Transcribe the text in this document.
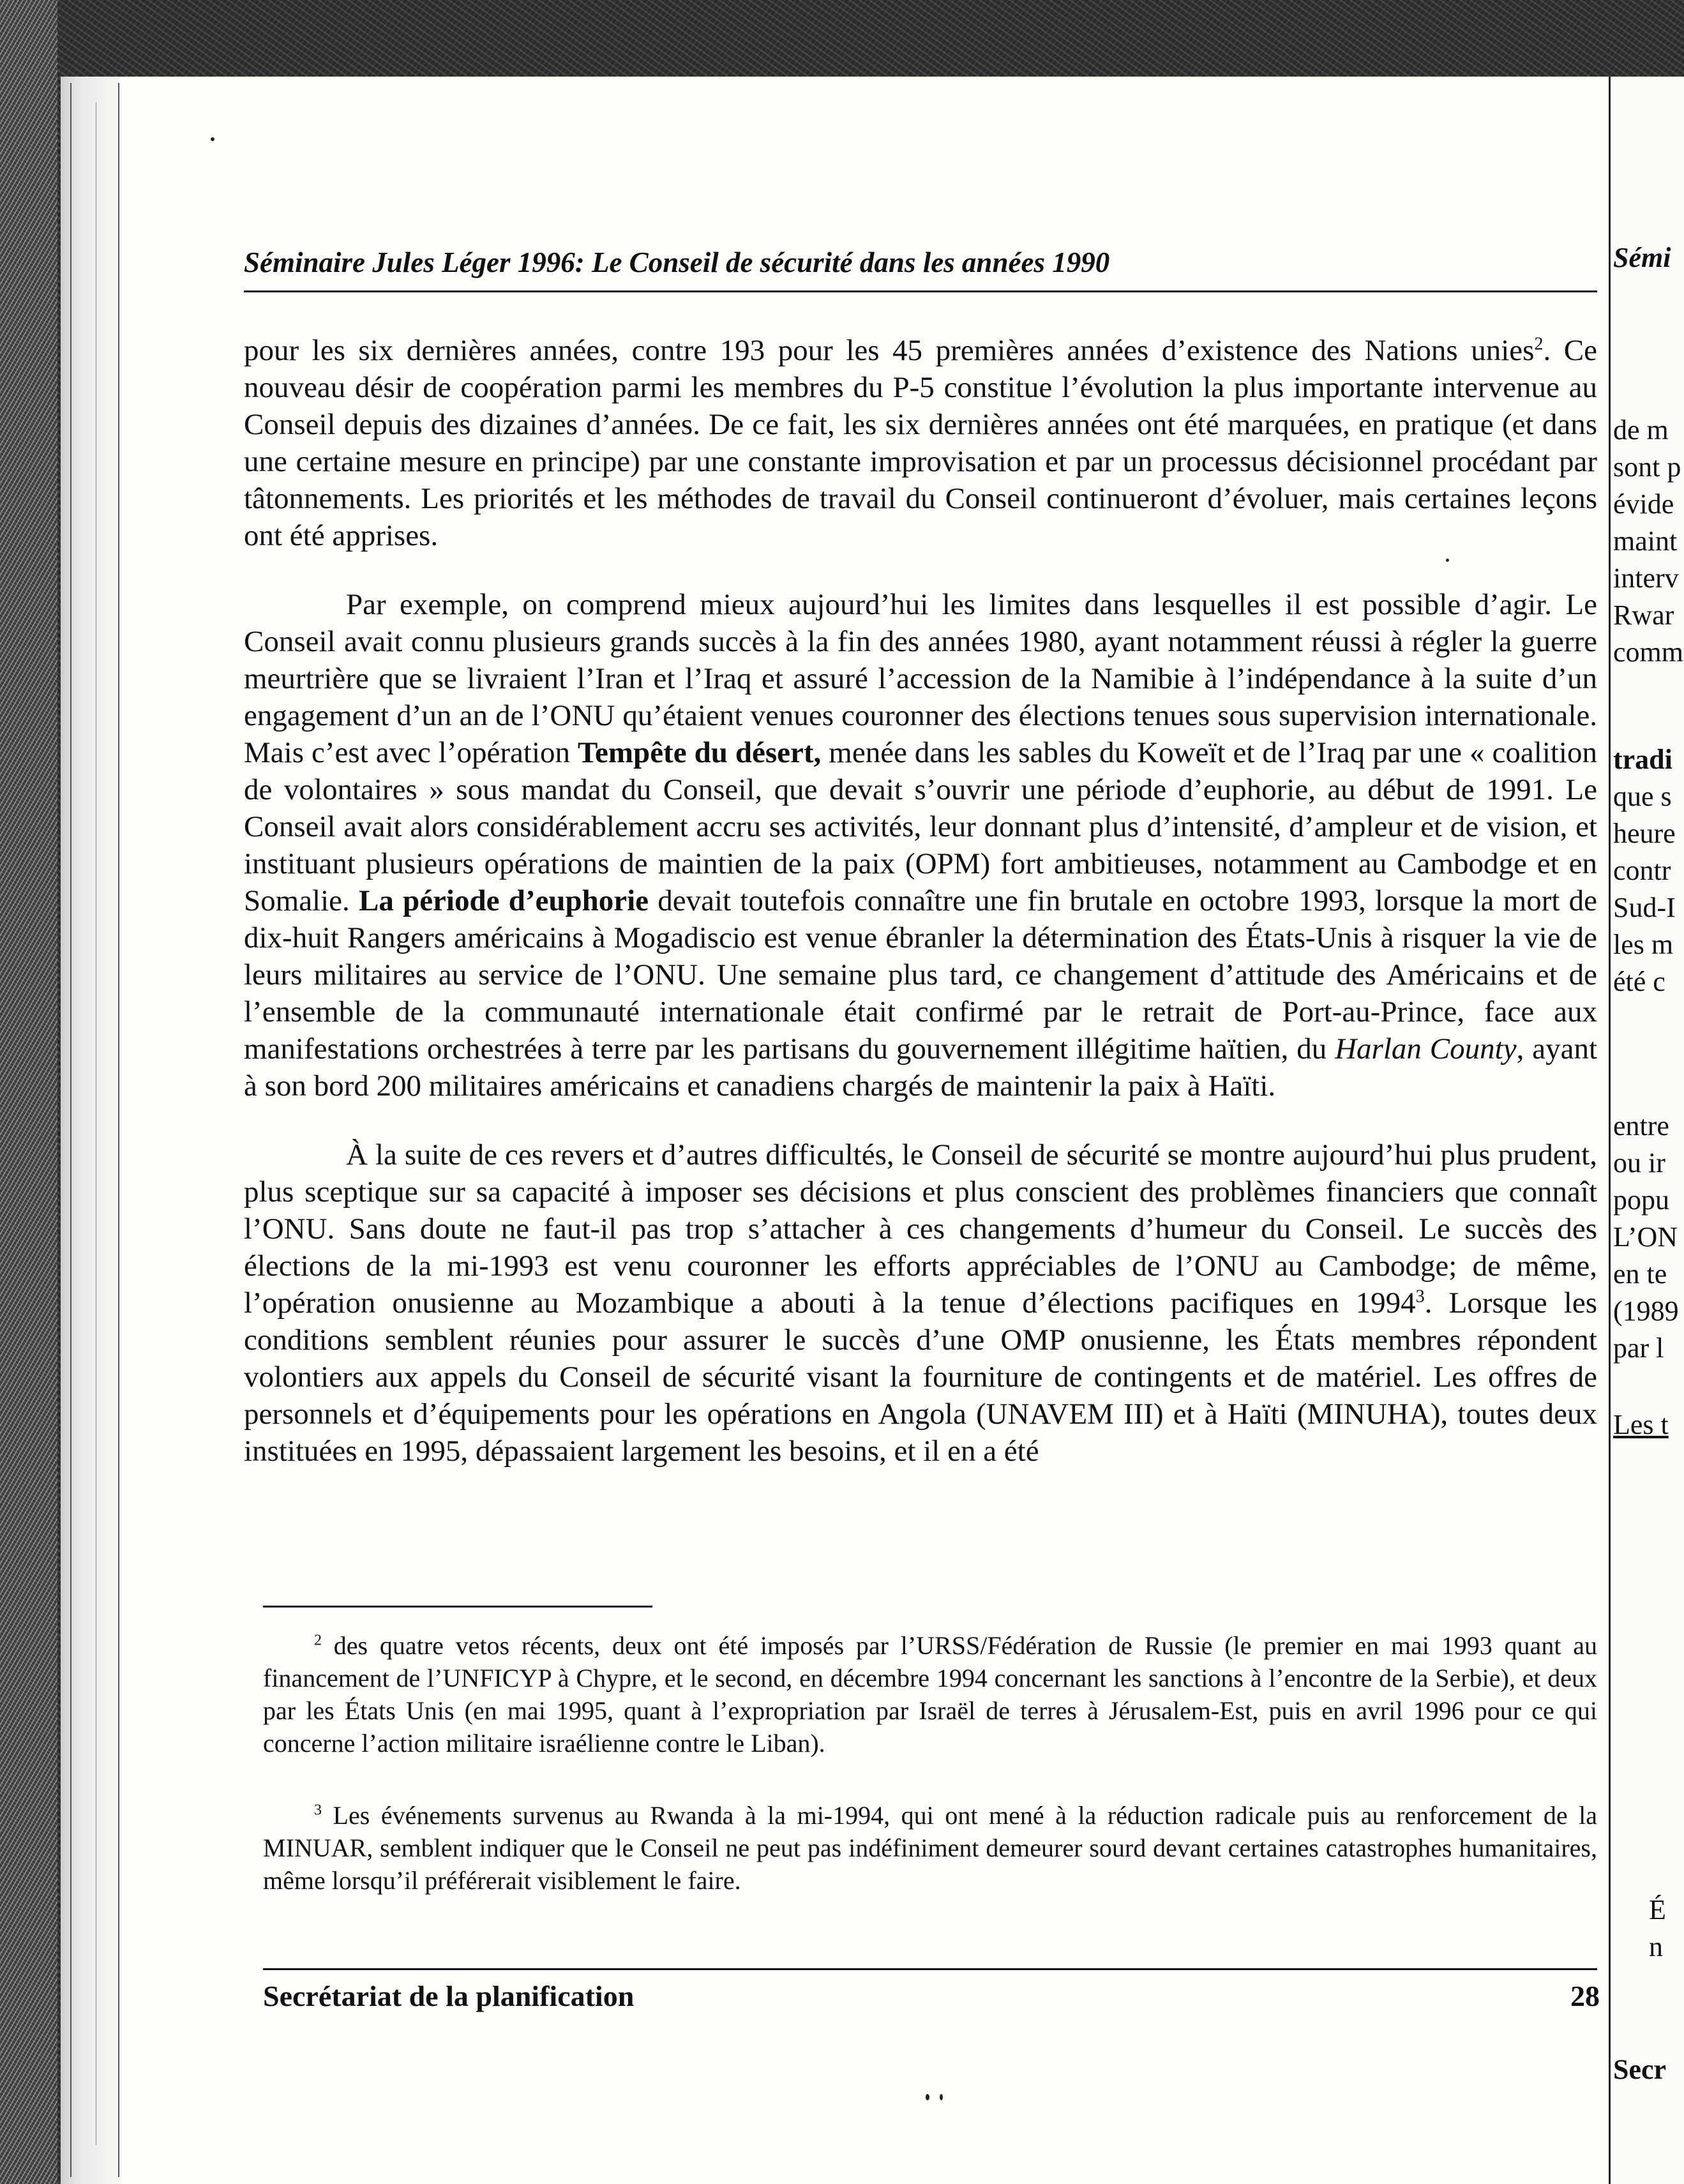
Sémi
de m
sont p
évide
maint
interv
Rwar
comm
tradi
que s
heure
contr
Sud-I
les m
été c
entre
ou ir
popu
L’ON
en te
(1989
par l
Les t
É
n
Secr
Séminaire Jules Léger 1996: Le Conseil de sécurité dans les années 1990

pour les six dernières années, contre 193 pour les 45 premières années d’existence des Nations unies$^2$. Ce nouveau désir de coopération parmi les membres du P-5 constitue l’évolution la plus importante intervenue au Conseil depuis des dizaines d’années. De ce fait, les six dernières années ont été marquées, en pratique (et dans une certaine mesure en principe) par une constante improvisation et par un processus décisionnel procédant par tâtonnements. Les priorités et les méthodes de travail du Conseil continueront d’évoluer, mais certaines leçons ont été apprises.

Par exemple, on comprend mieux aujourd’hui les limites dans lesquelles il est possible d’agir. Le Conseil avait connu plusieurs grands succès à la fin des années 1980, ayant notamment réussi à régler la guerre meurtrière que se livraient l’Iran et l’Iraq et assuré l’accession de la Namibie à l’indépendance à la suite d’un engagement d’un an de l’ONU qu’étaient venues couronner des élections tenues sous supervision internationale. Mais c’est avec l’opération Tempête du désert, menée dans les sables du Koweït et de l’Iraq par une « coalition de volontaires » sous mandat du Conseil, que devait s’ouvrir une période d’euphorie, au début de 1991. Le Conseil avait alors considérablement accru ses activités, leur donnant plus d’intensité, d’ampleur et de vision, et instituant plusieurs opérations de maintien de la paix (OPM) fort ambitieuses, notamment au Cambodge et en Somalie. La période d’euphorie devait toutefois connaître une fin brutale en octobre 1993, lorsque la mort de dix-huit Rangers américains à Mogadiscio est venue ébranler la détermination des États-Unis à risquer la vie de leurs militaires au service de l’ONU. Une semaine plus tard, ce changement d’attitude des Américains et de l’ensemble de la communauté internationale était confirmé par le retrait de Port-au-Prince, face aux manifestations orchestrées à terre par les partisans du gouvernement illégitime haïtien, du Harlan County, ayant à son bord 200 militaires américains et canadiens chargés de maintenir la paix à Haïti.

À la suite de ces revers et d’autres difficultés, le Conseil de sécurité se montre aujourd’hui plus prudent, plus sceptique sur sa capacité à imposer ses décisions et plus conscient des problèmes financiers que connaît l’ONU. Sans doute ne faut-il pas trop s’attacher à ces changements d’humeur du Conseil. Le succès des élections de la mi-1993 est venu couronner les efforts appréciables de l’ONU au Cambodge; de même, l’opération onusienne au Mozambique a abouti à la tenue d’élections pacifiques en 1994$^3$. Lorsque les conditions semblent réunies pour assurer le succès d’une OMP onusienne, les États membres répondent volontiers aux appels du Conseil de sécurité visant la fourniture de contingents et de matériel. Les offres de personnels et d’équipements pour les opérations en Angola (UNAVEM III) et à Haïti (MINUHA), toutes deux instituées en 1995, dépassaient largement les besoins, et il en a été

$^2$ des quatre vetos récents, deux ont été imposés par l’URSS/Fédération de Russie (le premier en mai 1993 quant au financement de l’UNFICYP à Chypre, et le second, en décembre 1994 concernant les sanctions à l’encontre de la Serbie), et deux par les États Unis (en mai 1995, quant à l’expropriation par Israël de terres à Jérusalem-Est, puis en avril 1996 pour ce qui concerne l’action militaire israélienne contre le Liban).

$^3$ Les événements survenus au Rwanda à la mi-1994, qui ont mené à la réduction radicale puis au renforcement de la MINUAR, semblent indiquer que le Conseil ne peut pas indéfiniment demeurer sourd devant certaines catastrophes humanitaires, même lorsqu’il préférerait visiblement le faire.

Secrétariat de la planification	28
